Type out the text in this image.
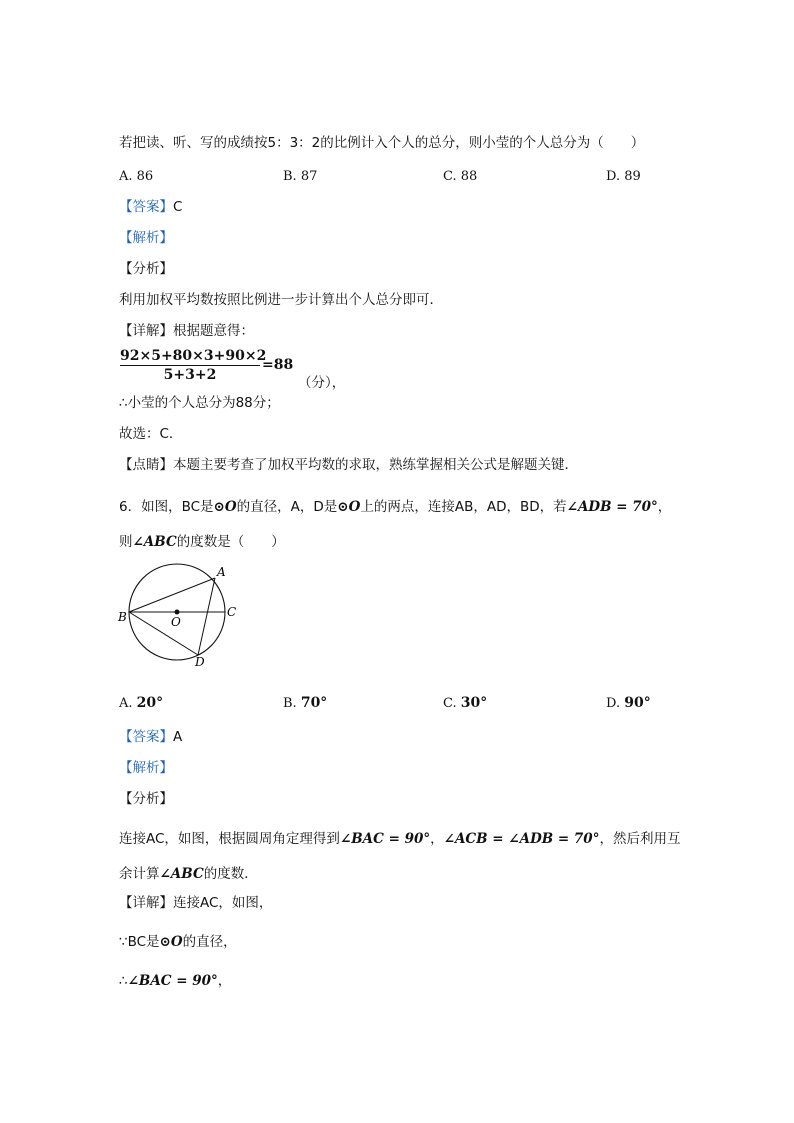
若把读、听、写的成绩按5：3：2的比例计入个人的总分，则小莹的个人总分为（　　）
A. 86	B. 87	C. 88	D. 89
【答案】C
【解析】
【分析】
利用加权平均数按照比例进一步计算出个人总分即可．
【详解】根据题意得：
$\frac{92\times 5+80\times 3+90\times 2}{5+3+2} =88$
（分），
∴小莹的个人总分为88分；
故选：C．
【点睛】本题主要考查了加权平均数的求取，熟练掌握相关公式是解题关键．
6．如图，BC是⊙O的直径，A，D是⊙O上的两点，连接AB，AD，BD，若∠ADB = 70°，
则∠ABC的度数是（　　）
A
B	C
D
O
A. 20°	B. 70°	C. 30°	D. 90°
【答案】A
【解析】
【分析】
连接AC，如图，根据圆周角定理得到∠BAC = 90°，∠ACB = ∠ADB = 70°，然后利用互
余计算∠ABC的度数．
【详解】连接AC，如图，
∵BC是⊙O的直径，
∴∠BAC = 90°，
